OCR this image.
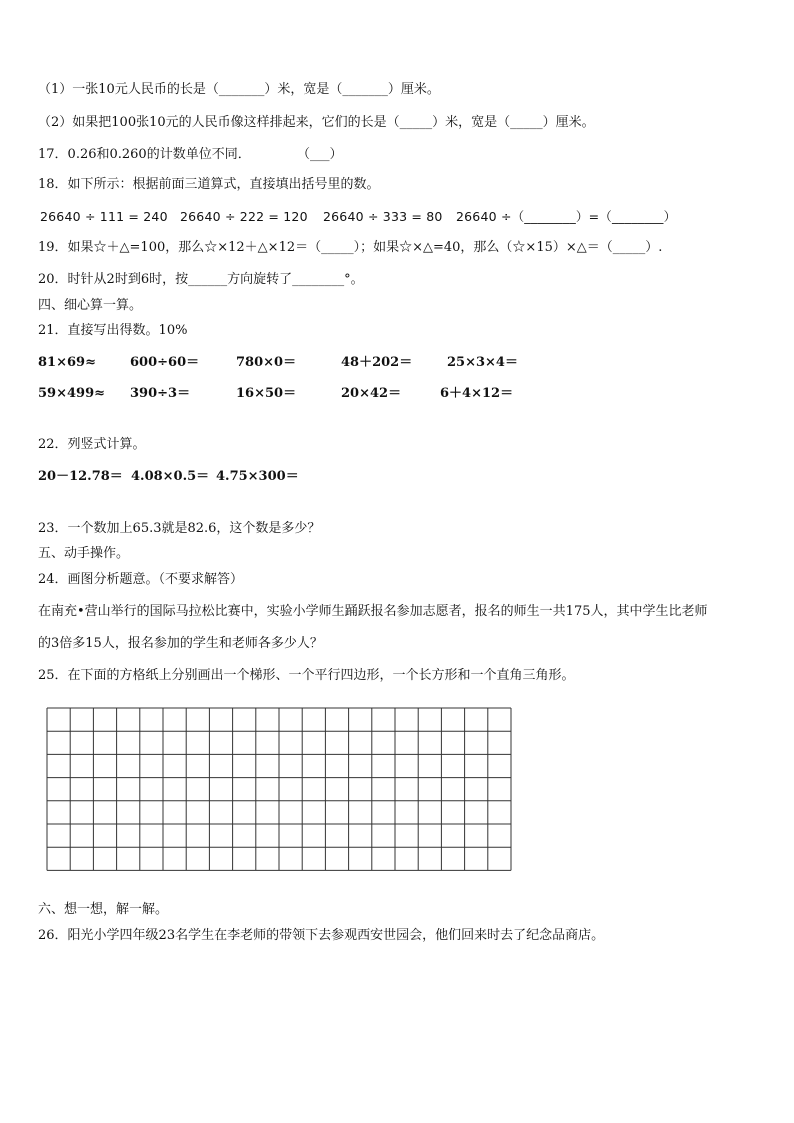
（1）一张10元人民币的长是（_______）米，宽是（_______）厘米。
（2）如果把100张10元的人民币像这样排起来，它们的长是（_____）米，宽是（_____）厘米。
17．0.26和0.260的计数单位不同．	（___）
18．如下所示：根据前面三道算式，直接填出括号里的数。
26640 ÷ 111 = 240 26640 ÷ 222 = 120 26640 ÷ 333 = 80 26640 ÷（________）=（________）
19．如果☆＋△=100，那么☆×12＋△×12＝（_____）；如果☆×△=40，那么（☆×15）×△＝（_____）.
20．时针从2时到6时，按______方向旋转了________°。
四、细心算一算。
21．直接写出得数。10%
81×69≈	600÷60＝	780×0＝	48＋202＝	25×3×4＝
59×499≈ 390÷3＝	16×50＝	20×42＝	6＋4×12＝
22．列竖式计算。
20－12.78＝ 4.08×0.5＝ 4.75×300＝
23．一个数加上65.3就是82.6，这个数是多少？
五、动手操作。
24．画图分析题意。（不要求解答）
在南充•营山举行的国际马拉松比赛中，实验小学师生踊跃报名参加志愿者，报名的师生一共175人，其中学生比老师
的3倍多15人，报名参加的学生和老师各多少人？
25．在下面的方格纸上分别画出一个梯形、一个平行四边形，一个长方形和一个直角三角形。
六、想一想，解一解。
26．阳光小学四年级23名学生在李老师的带领下去参观西安世园会，他们回来时去了纪念品商店。
